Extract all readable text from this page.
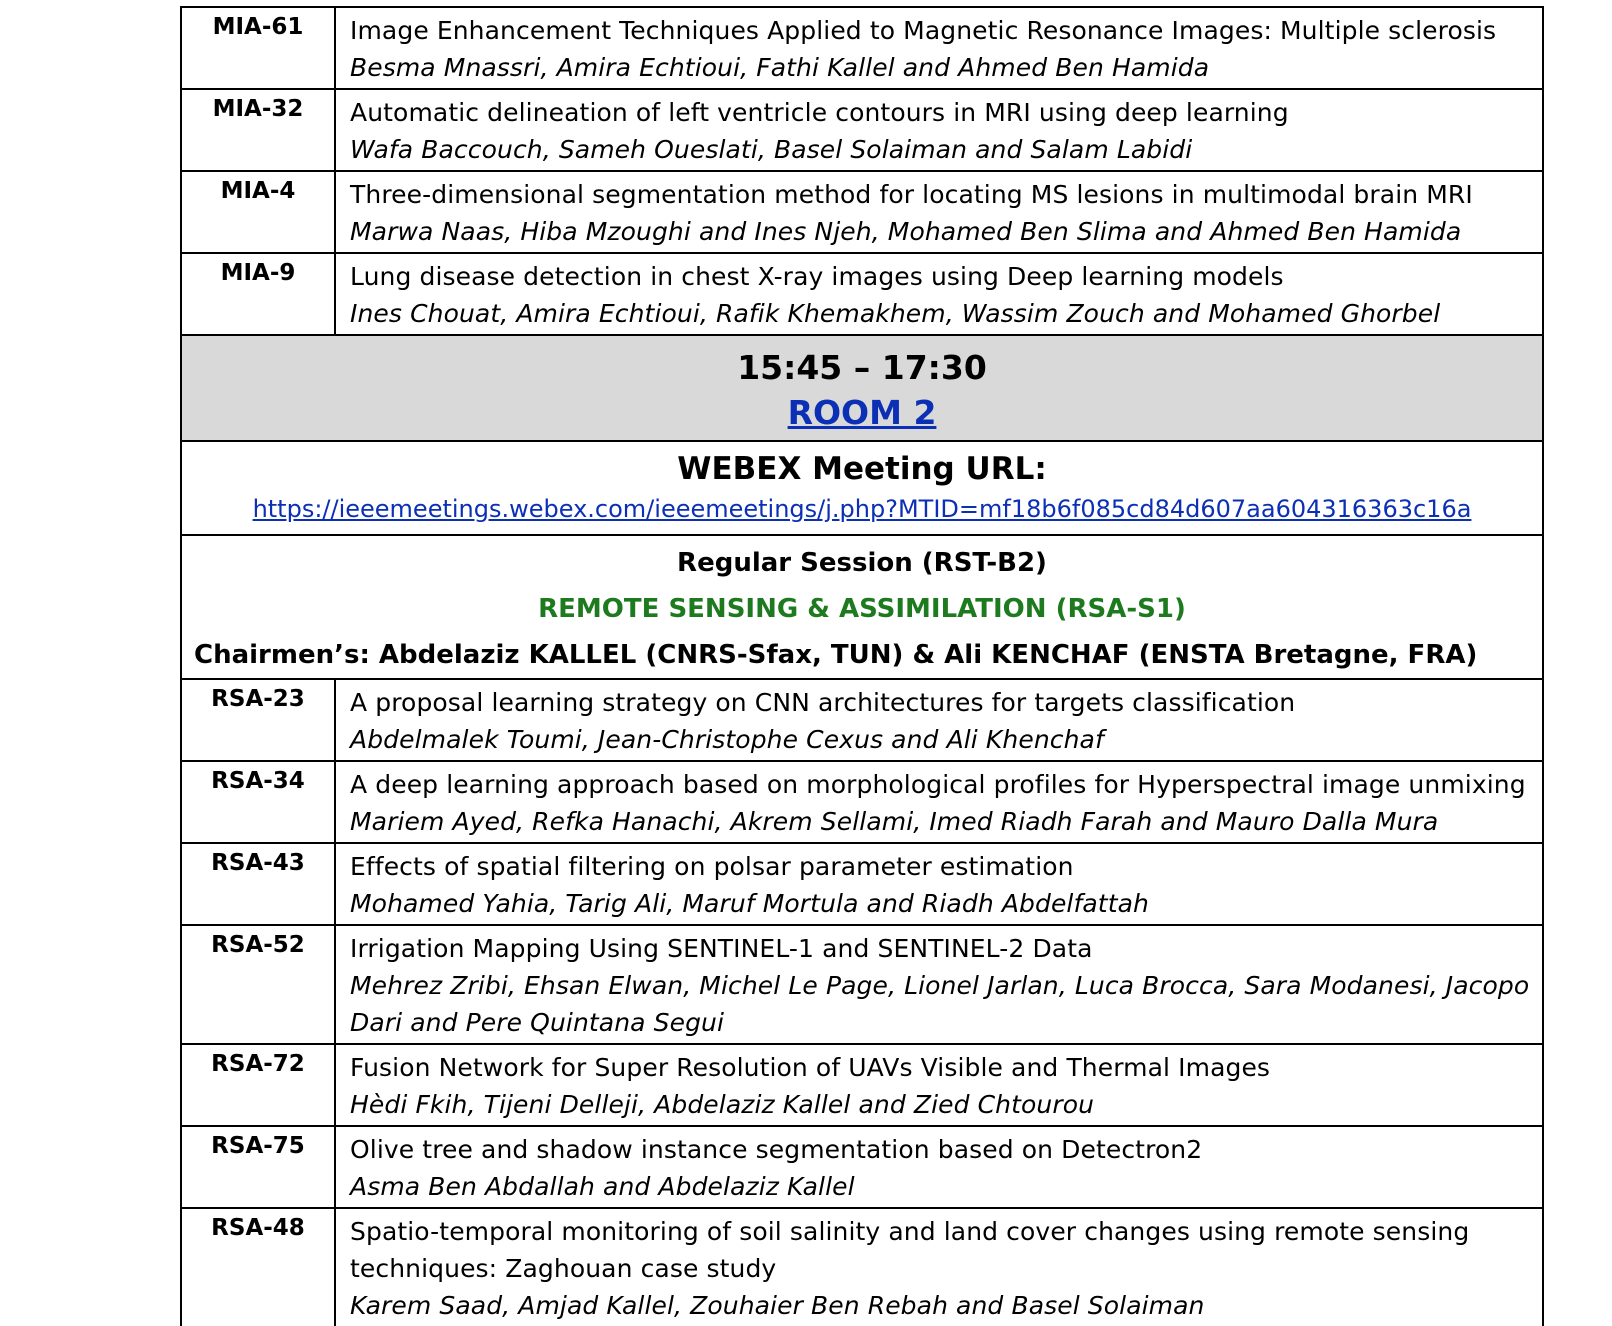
MIA-61	Image Enhancement Techniques Applied to Magnetic Resonance Images: Multiple sclerosis
Besma Mnassri, Amira Echtioui, Fathi Kallel and Ahmed Ben Hamida

MIA-32	Automatic delineation of left ventricle contours in MRI using deep learning
Wafa Baccouch, Sameh Oueslati, Basel Solaiman and Salam Labidi

MIA-4	Three-dimensional segmentation method for locating MS lesions in multimodal brain MRI
Marwa Naas, Hiba Mzoughi and Ines Njeh, Mohamed Ben Slima and Ahmed Ben Hamida

MIA-9	Lung disease detection in chest X-ray images using Deep learning models
Ines Chouat, Amira Echtioui, Rafik Khemakhem, Wassim Zouch and Mohamed Ghorbel
15:45 – 17:30
ROOM 2
WEBEX Meeting URL:
https://ieeemeetings.webex.com/ieeemeetings/j.php?MTID=mf18b6f085cd84d607aa604316363c16a
Regular Session (RST-B2)
REMOTE SENSING & ASSIMILATION (RSA-S1)
Chairmen’s: Abdelaziz KALLEL (CNRS-Sfax, TUN) & Ali KENCHAF (ENSTA Bretagne, FRA)
RSA-23	A proposal learning strategy on CNN architectures for targets classification
Abdelmalek Toumi, Jean-Christophe Cexus and Ali Khenchaf

RSA-34	A deep learning approach based on morphological profiles for Hyperspectral image unmixing
Mariem Ayed, Refka Hanachi, Akrem Sellami, Imed Riadh Farah and Mauro Dalla Mura

RSA-43	Effects of spatial filtering on polsar parameter estimation
Mohamed Yahia, Tarig Ali, Maruf Mortula and Riadh Abdelfattah

RSA-52	Irrigation Mapping Using SENTINEL-1 and SENTINEL-2 Data
Mehrez Zribi, Ehsan Elwan, Michel Le Page, Lionel Jarlan, Luca Brocca, Sara Modanesi, Jacopo
Dari and Pere Quintana Segui

RSA-72	Fusion Network for Super Resolution of UAVs Visible and Thermal Images
Hèdi Fkih, Tijeni Delleji, Abdelaziz Kallel and Zied Chtourou

RSA-75	Olive tree and shadow instance segmentation based on Detectron2
Asma Ben Abdallah and Abdelaziz Kallel

RSA-48	Spatio-temporal monitoring of soil salinity and land cover changes using remote sensing techniques: Zaghouan case study
Karem Saad, Amjad Kallel, Zouhaier Ben Rebah and Basel Solaiman
